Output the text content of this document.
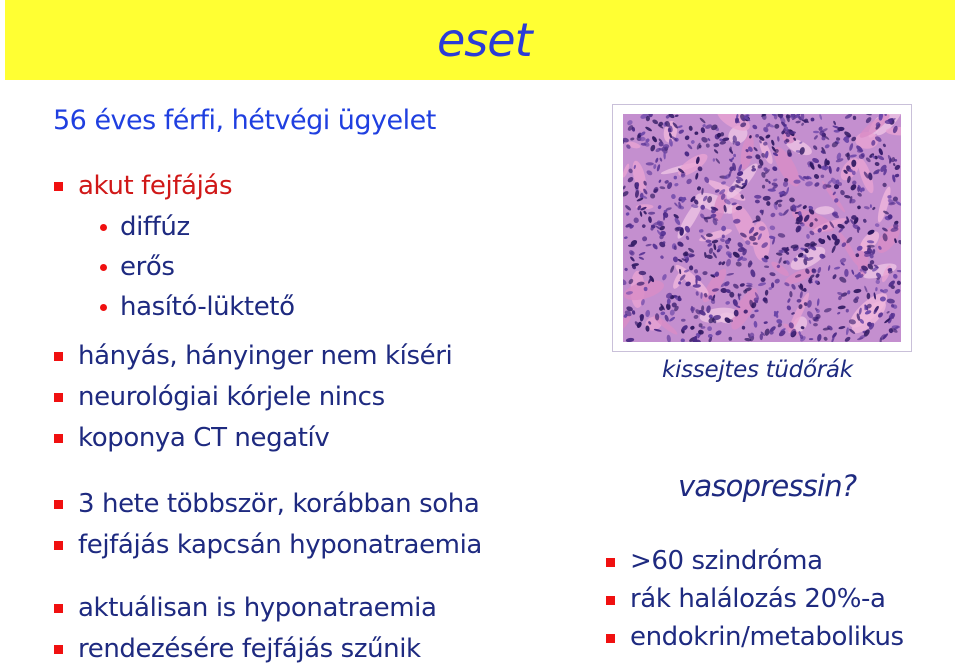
eset
56 éves férfi, hétvégi ügyelet
akut fejfájás
diffúz
erős
hasító-lüktető
hányás, hányinger nem kíséri
neurológiai kórjele nincs
koponya CT negatív
3 hete többször, korábban soha
fejfájás kapcsán hyponatraemia
aktuálisan is hyponatraemia
rendezésére fejfájás szűnik
kissejtes tüdőrák
vasopressin?
>60 szindróma
rák halálozás 20%-a
endokrin/metabolikus
